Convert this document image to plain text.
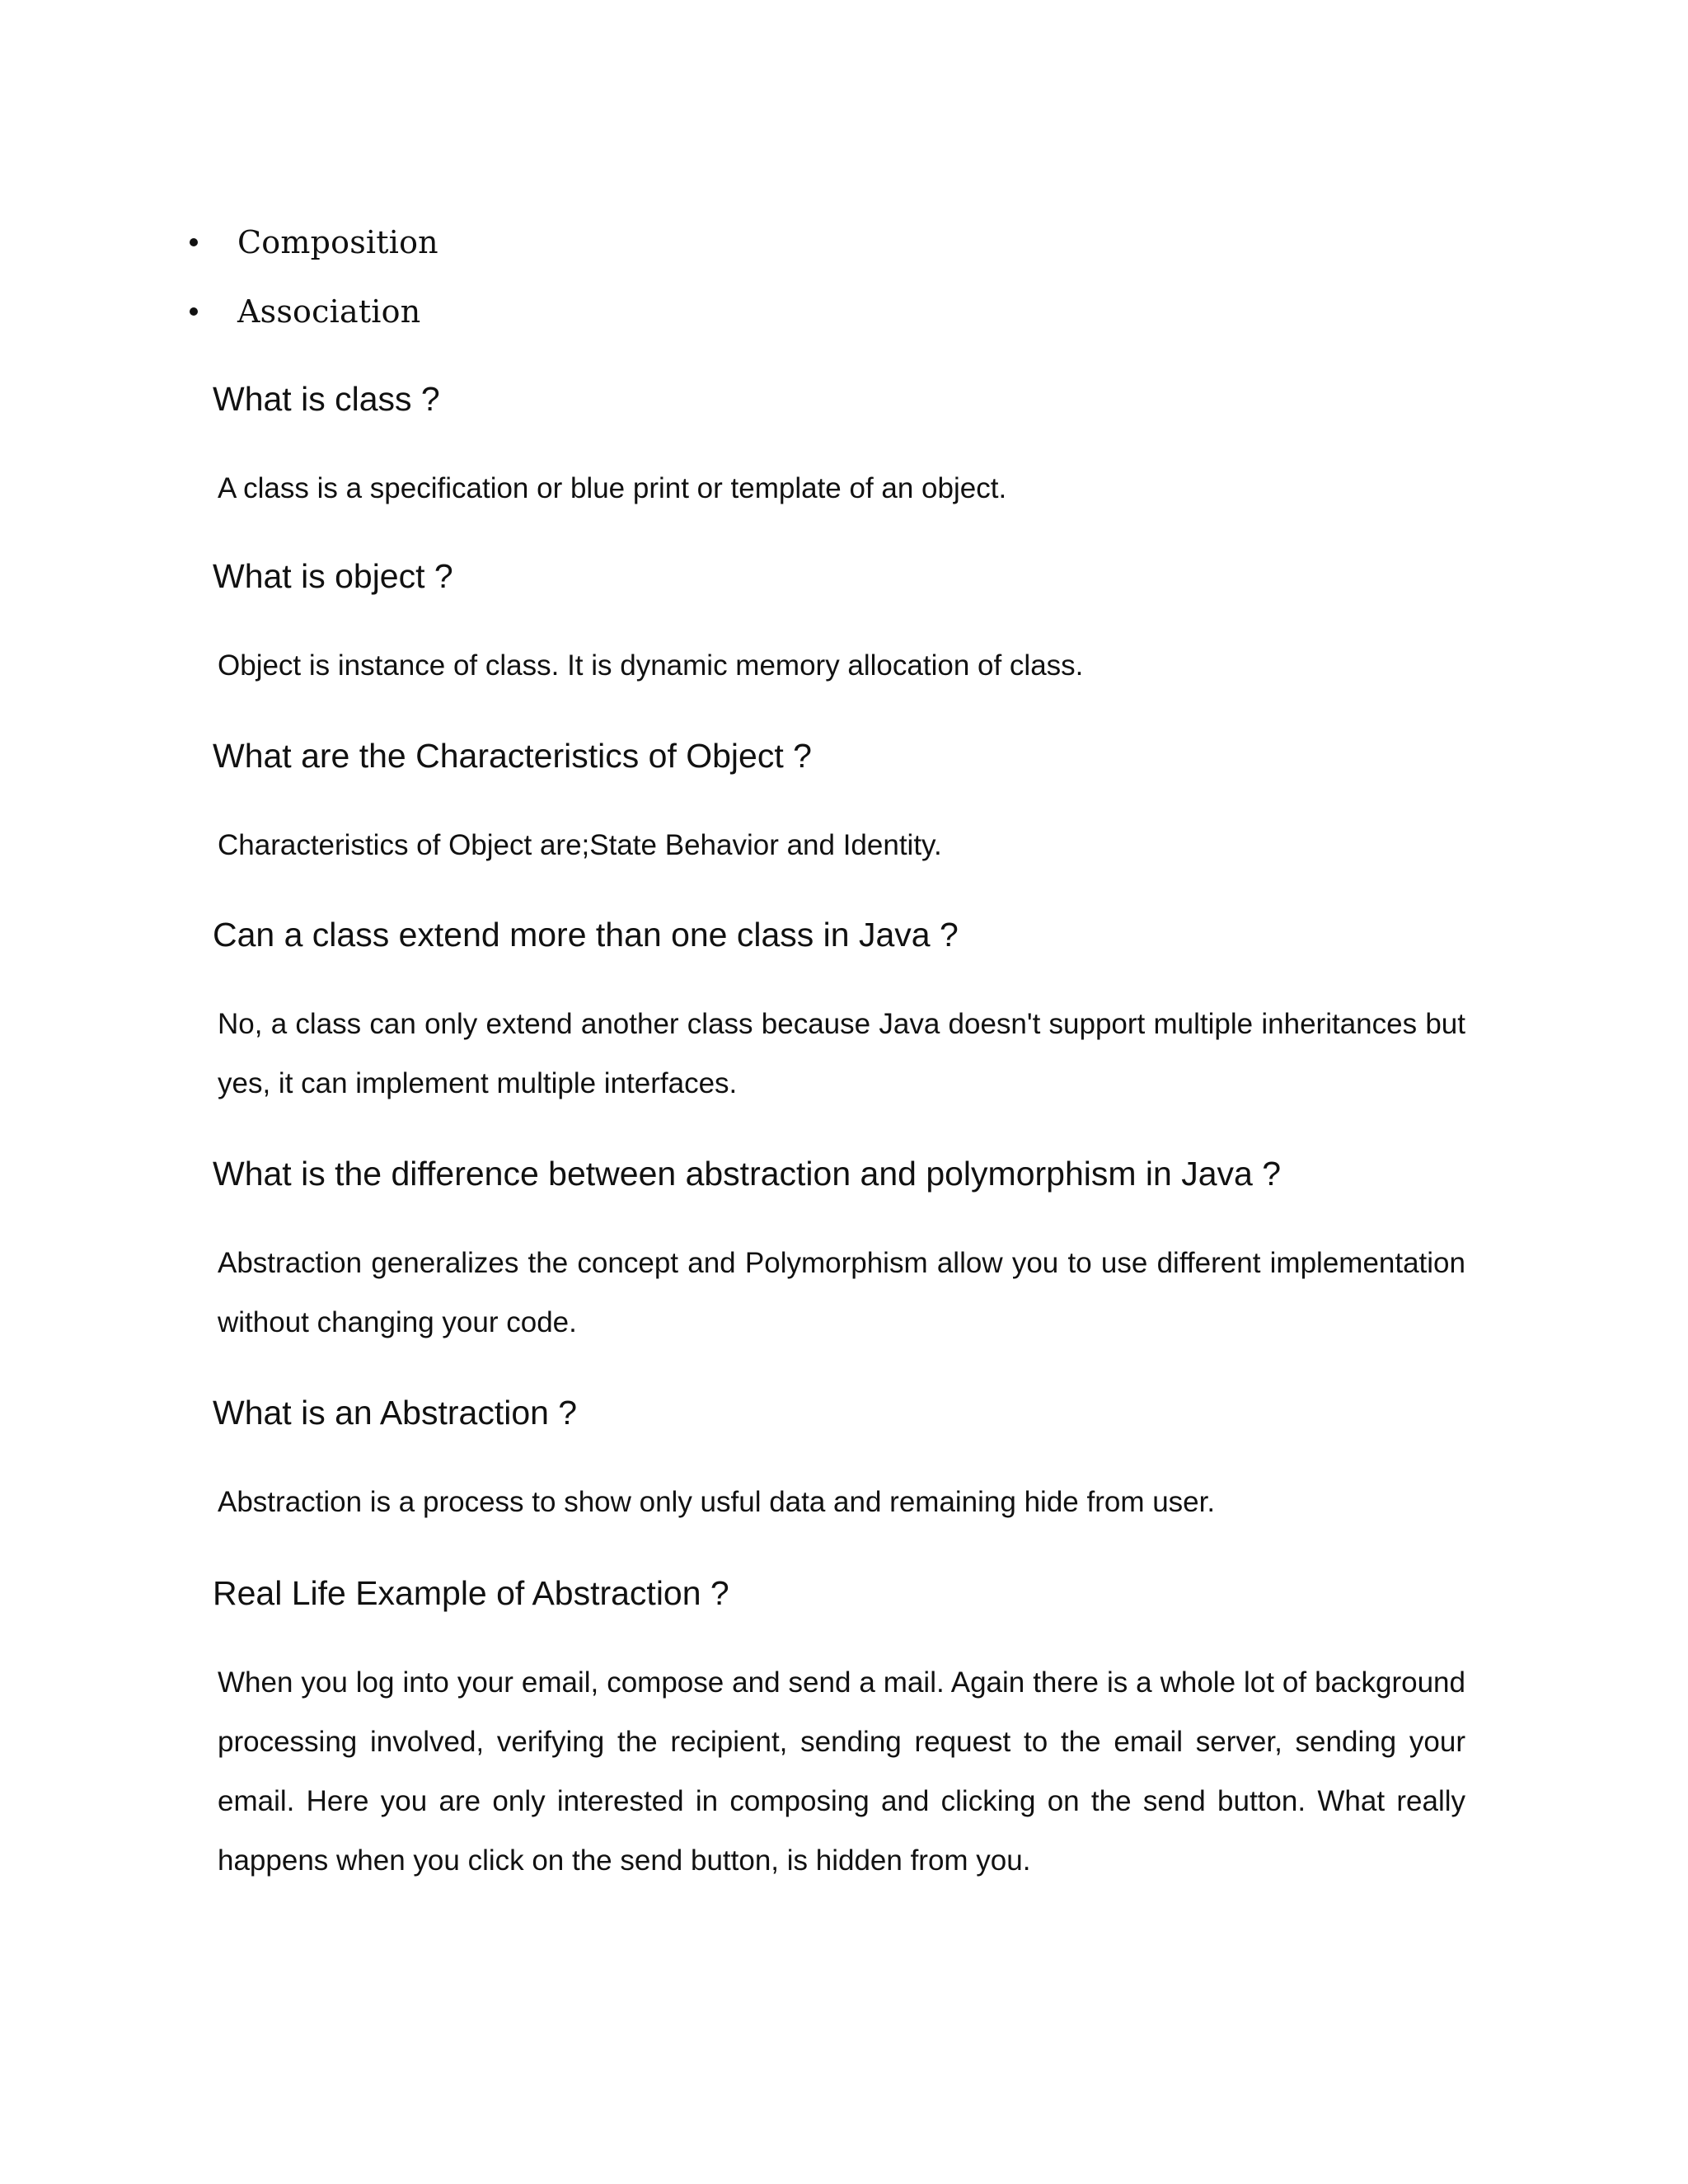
Composition
Association
What is class ?

A class is a specification or blue print or template of an object.

What is object ?

Object is instance of class. It is dynamic memory allocation of class.

What are the Characteristics of Object ?

Characteristics of Object are;State Behavior and Identity.

Can a class extend more than one class in Java ?

No, a class can only extend another class because Java doesn't support multiple inheritances but yes, it can implement multiple interfaces.

What is the difference between abstraction and polymorphism in Java ?

Abstraction generalizes the concept and Polymorphism allow you to use different implementation without changing your code.

What is an Abstraction ?

Abstraction is a process to show only usful data and remaining hide from user.

Real Life Example of Abstraction ?

When you log into your email, compose and send a mail. Again there is a whole lot of background processing involved, verifying the recipient, sending request to the email server, sending your email. Here you are only interested in composing and clicking on the send button. What really happens when you click on the send button, is hidden from you.
